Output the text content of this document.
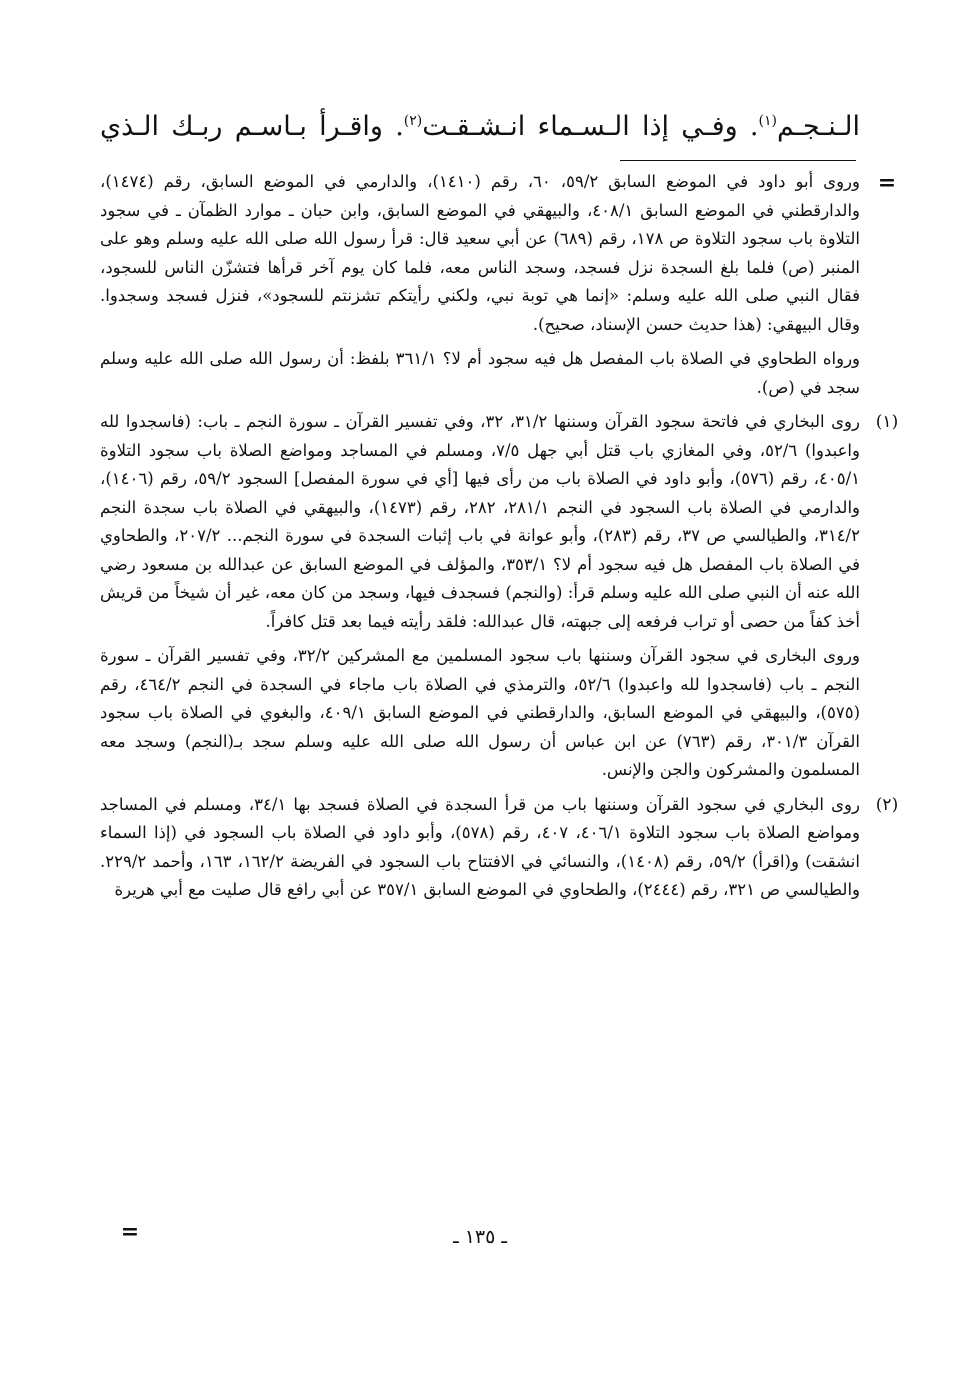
الـنـجـم$^{(١)}$. وفـي إذا الـسـماء انـشـقـت$^{(٢)}$. واقـرأ بـاسـم ربـك الـذي
=

وروى أبو داود في الموضع السابق ٥٩/٢، ٦٠، رقم (١٤١٠)، والدارمي في الموضع السابق، رقم (١٤٧٤)، والدارقطني في الموضع السابق ٤٠٨/١، والبيهقي في الموضع السابق، وابن حبان ـ موارد الظمآن ـ في سجود التلاوة باب سجود التلاوة ص ١٧٨، رقم (٦٨٩) عن أبي سعيد قال: قرأ رسول الله صلى الله عليه وسلم وهو على المنبر (ص) فلما بلغ السجدة نزل فسجد، وسجد الناس معه، فلما كان يوم آخر قرأها فتشزّن الناس للسجود، فقال النبي صلى الله عليه وسلم: «إنما هي توبة نبي، ولكني رأيتكم تشزنتم للسجود»، فنزل فسجد وسجدوا. وقال البيهقي: (هذا حديث حسن الإسناد، صحيح).

ورواه الطحاوي في الصلاة باب المفصل هل فيه سجود أم لا؟ ٣٦١/١ بلفظ: أن رسول الله صلى الله عليه وسلم سجد في (ص).

(١)

روى البخاري في فاتحة سجود القرآن وسننها ٣١/٢، ٣٢، وفي تفسير القرآن ـ سورة النجم ـ باب: (فاسجدوا لله واعبدوا) ٥٢/٦، وفي المغازي باب قتل أبي جهل ٧/٥، ومسلم في المساجد ومواضع الصلاة باب سجود التلاوة ٤٠٥/١، رقم (٥٧٦)، وأبو داود في الصلاة باب من رأى فيها [أي في سورة المفصل] السجود ٥٩/٢، رقم (١٤٠٦)، والدارمي في الصلاة باب السجود في النجم ٢٨١/١، ٢٨٢، رقم (١٤٧٣)، والبيهقي في الصلاة باب سجدة النجم ٣١٤/٢، والطيالسي ص ٣٧، رقم (٢٨٣)، وأبو عوانة في باب إثبات السجدة في سورة النجم... ٢٠٧/٢، والطحاوي في الصلاة باب المفصل هل فيه سجود أم لا؟ ٣٥٣/١، والمؤلف في الموضع السابق عن عبدالله بن مسعود رضي الله عنه أن النبي صلى الله عليه وسلم قرأ: (والنجم) فسجدف فيها، وسجد من كان معه، غير أن شيخاً من قريش أخذ كفاً من حصى أو تراب فرفعه إلى جبهته، قال عبدالله: فلقد رأيته فيما بعد قتل كافراً.

وروى البخارى في سجود القرآن وسننها باب سجود المسلمين مع المشركين ٣٢/٢، وفي تفسير القرآن ـ سورة النجم ـ باب (فاسجدوا لله واعبدوا) ٥٢/٦، والترمذي في الصلاة باب ماجاء في السجدة في النجم ٤٦٤/٢، رقم (٥٧٥)، والبيهقي في الموضع السابق، والدارقطني في الموضع السابق ٤٠٩/١، والبغوي في الصلاة باب سجود القرآن ٣٠١/٣، رقم (٧٦٣) عن ابن عباس أن رسول الله صلى الله عليه وسلم سجد بـ(النجم) وسجد معه المسلمون والمشركون والجن والإنس.

(٢)

روى البخاري في سجود القرآن وسننها باب من قرأ السجدة في الصلاة فسجد بها ٣٤/١، ومسلم في المساجد ومواضع الصلاة باب سجود التلاوة ٤٠٦/١، ٤٠٧، رقم (٥٧٨)، وأبو داود في الصلاة باب السجود في (إذا السماء انشقت) و(اقرأ) ٥٩/٢، رقم (١٤٠٨)، والنسائي في الافتتاح باب السجود في الفريضة ١٦٢/٢، ١٦٣، وأحمد ٢٢٩/٢. والطيالسي ص ٣٢١، رقم (٢٤٤٤)، والطحاوي في الموضع السابق ٣٥٧/١ عن أبي رافع قال صليت مع أبي هريرة

=	ـ ١٣٥ ـ
